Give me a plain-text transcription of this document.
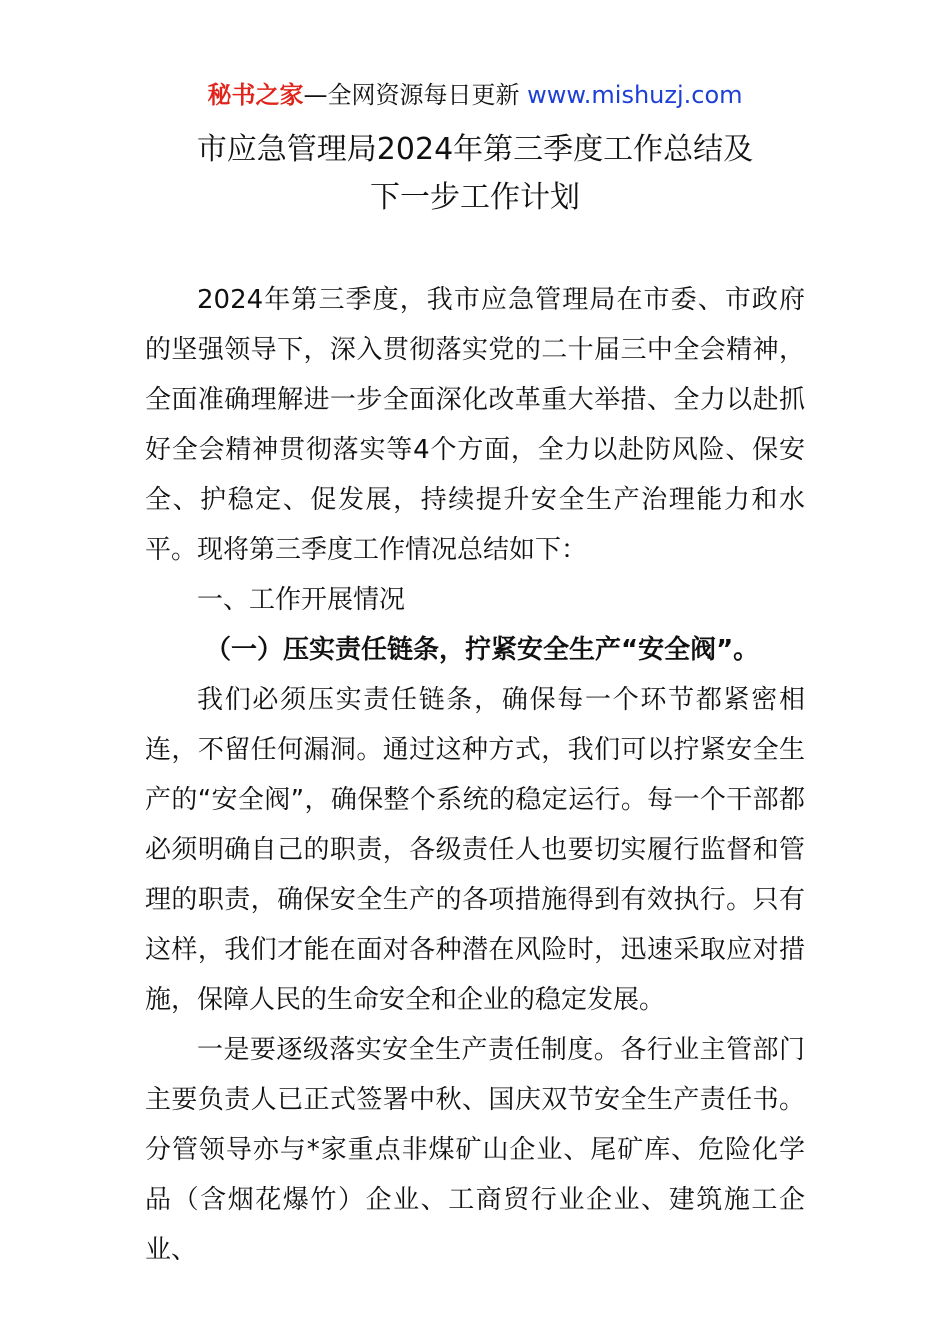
秘书之家—全网资源每日更新 www.mishuzj.com
市应急管理局2024年第三季度工作总结及
下一步工作计划

2024年第三季度，我市应急管理局在市委、市政府的坚强领导下，深入贯彻落实党的二十届三中全会精神，全面准确理解进一步全面深化改革重大举措、全力以赴抓好全会精神贯彻落实等4个方面，全力以赴防风险、保安全、护稳定、促发展，持续提升安全生产治理能力和水平。现将第三季度工作情况总结如下：

一、工作开展情况

（一）压实责任链条，拧紧安全生产“安全阀”。

我们必须压实责任链条，确保每一个环节都紧密相连，不留任何漏洞。通过这种方式，我们可以拧紧安全生产的“安全阀”，确保整个系统的稳定运行。每一个干部都必须明确自己的职责，各级责任人也要切实履行监督和管理的职责，确保安全生产的各项措施得到有效执行。只有这样，我们才能在面对各种潜在风险时，迅速采取应对措施，保障人民的生命安全和企业的稳定发展。

一是要逐级落实安全生产责任制度。各行业主管部门主要负责人已正式签署中秋、国庆双节安全生产责任书。分管领导亦与*家重点非煤矿山企业、尾矿库、危险化学品（含烟花爆竹）企业、工商贸行业企业、建筑施工企业、
